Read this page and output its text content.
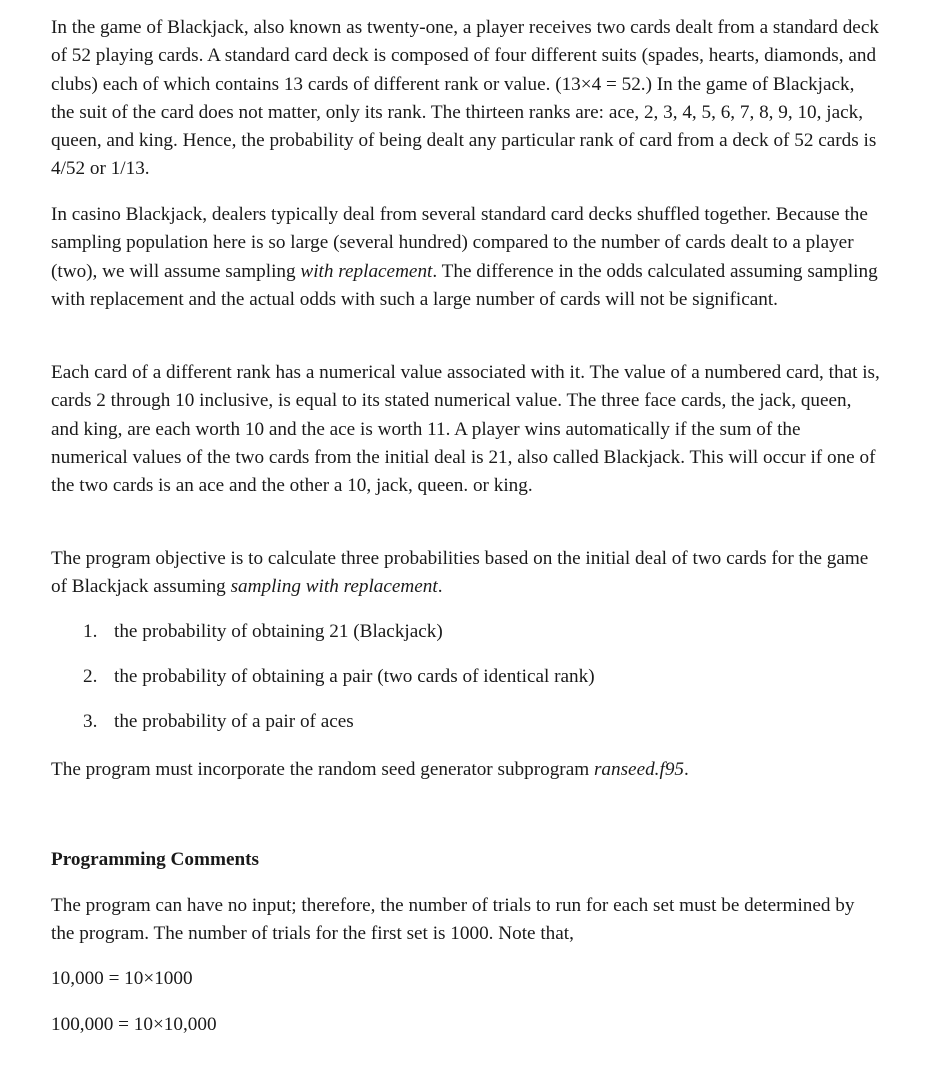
In the game of Blackjack, also known as twenty-one, a player receives two cards dealt from a standard deck of 52 playing cards. A standard card deck is composed of four different suits (spades, hearts, diamonds, and clubs) each of which contains 13 cards of different rank or value. (13×4 = 52.) In the game of Blackjack, the suit of the card does not matter, only its rank. The thirteen ranks are: ace, 2, 3, 4, 5, 6, 7, 8, 9, 10, jack, queen, and king. Hence, the probability of being dealt any particular rank of card from a deck of 52 cards is 4/52 or 1/13.

In casino Blackjack, dealers typically deal from several standard card decks shuffled together. Because the sampling population here is so large (several hundred) compared to the number of cards dealt to a player (two), we will assume sampling with replacement. The difference in the odds calculated assuming sampling with replacement and the actual odds with such a large number of cards will not be significant.

Each card of a different rank has a numerical value associated with it. The value of a numbered card, that is, cards 2 through 10 inclusive, is equal to its stated numerical value. The three face cards, the jack, queen, and king, are each worth 10 and the ace is worth 11. A player wins automatically if the sum of the numerical values of the two cards from the initial deal is 21, also called Blackjack. This will occur if one of the two cards is an ace and the other a 10, jack, queen. or king.

The program objective is to calculate three probabilities based on the initial deal of two cards for the game of Blackjack assuming sampling with replacement.

1. the probability of obtaining 21 (Blackjack)
2. the probability of obtaining a pair (two cards of identical rank)
3. the probability of a pair of aces

The program must incorporate the random seed generator subprogram ranseed.f95.

Programming Comments

The program can have no input; therefore, the number of trials to run for each set must be determined by the program. The number of trials for the first set is 1000. Note that,

10,000 = 10×1000
100,000 = 10×10,000
